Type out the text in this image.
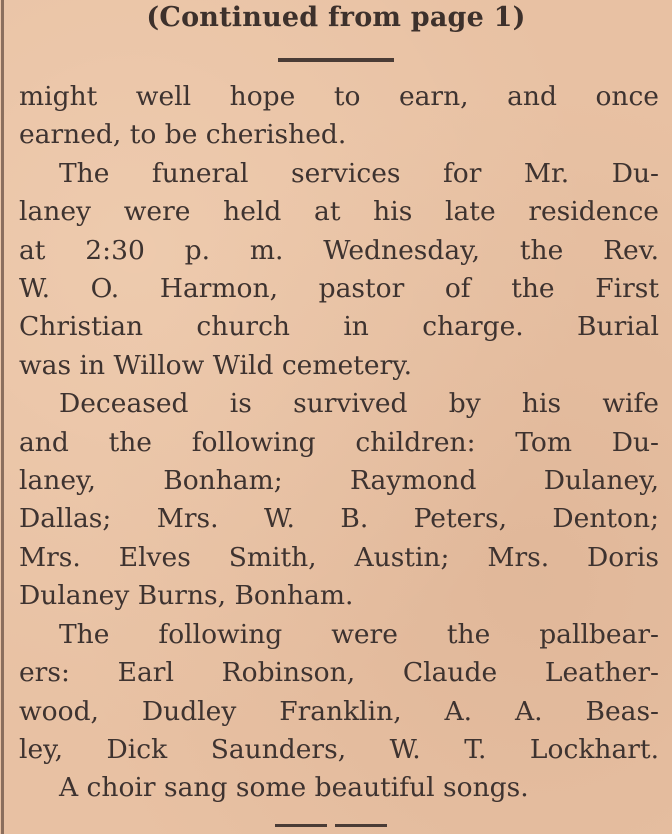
(Continued from page 1)
might well hope to earn, and once
earned, to be cherished.
The funeral services for Mr. Du-
laney were held at his late residence
at 2:30 p. m. Wednesday, the Rev.
W. O. Harmon, pastor of the First
Christian church in charge. Burial
was in Willow Wild cemetery.
Deceased is survived by his wife
and the following children: Tom Du-
laney, Bonham; Raymond Dulaney,
Dallas; Mrs. W. B. Peters, Denton;
Mrs. Elves Smith, Austin; Mrs. Doris
Dulaney Burns, Bonham.
The following were the pallbear-
ers: Earl Robinson, Claude Leather-
wood, Dudley Franklin, A. A. Beas-
ley, Dick Saunders, W. T. Lockhart.
A choir sang some beautiful songs.
